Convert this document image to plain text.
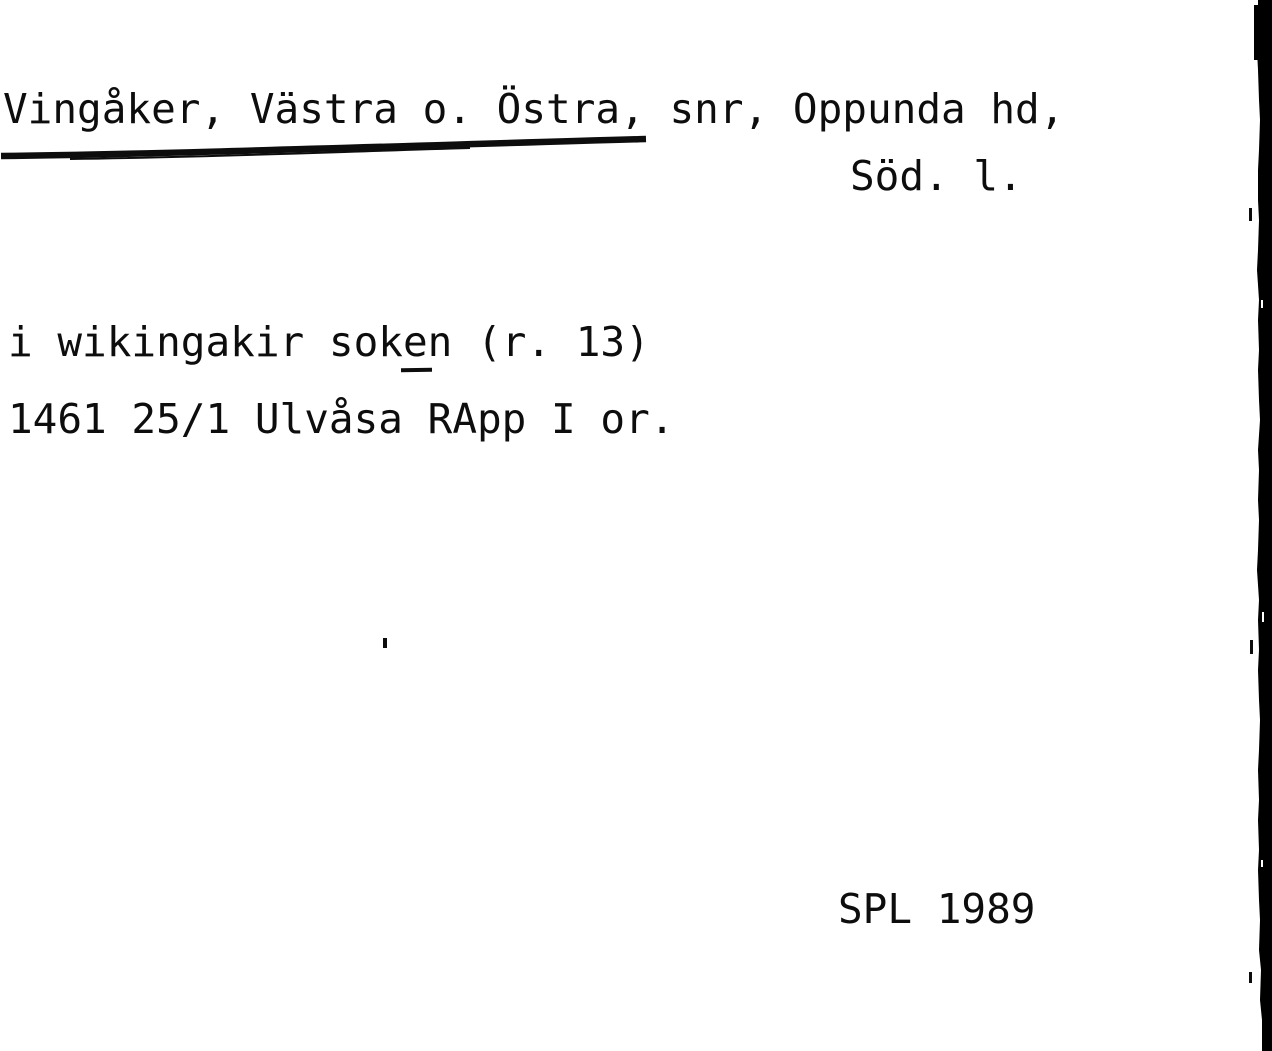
Vingåker, Västra o. Östra, snr, Oppunda hd,
Söd. l.
i wikingakir soken (r. 13)
1461 25/1 Ulvåsa RApp I or.
SPL 1989
